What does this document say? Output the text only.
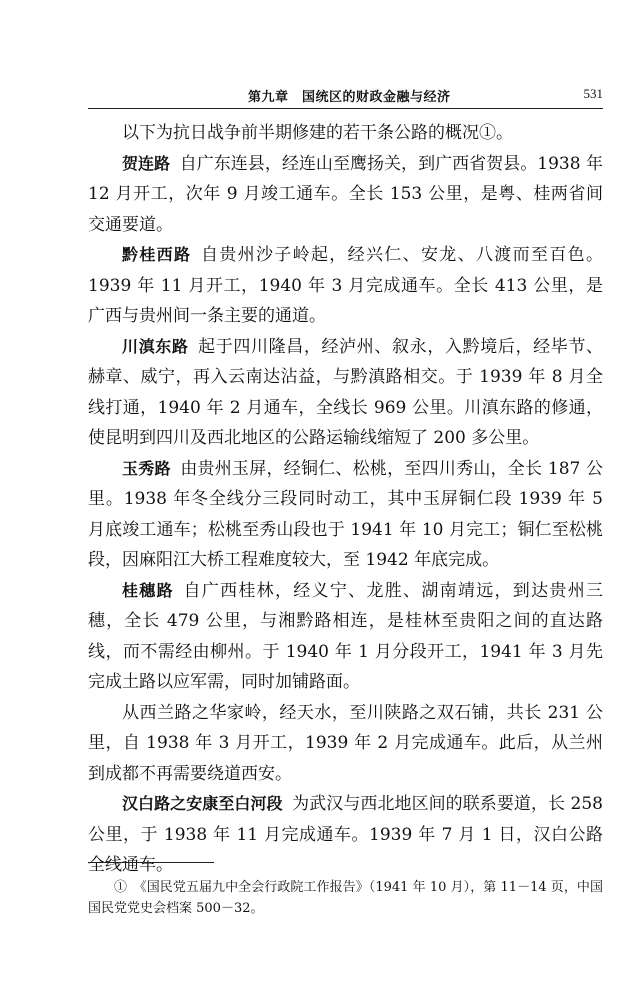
第九章　国统区的财政金融与经济	531

以下为抗日战争前半期修建的若干条公路的概况①。

贺连路 自广东连县，经连山至鹰扬关，到广西省贺县。1938 年 12 月开工，次年 9 月竣工通车。全长 153 公里，是粤、桂两省间交通要道。

黔桂西路 自贵州沙子岭起，经兴仁、安龙、八渡而至百色。1939 年 11 月开工，1940 年 3 月完成通车。全长 413 公里，是广西与贵州间一条主要的通道。

川滇东路 起于四川隆昌，经泸州、叙永，入黔境后，经毕节、赫章、威宁，再入云南达沾益，与黔滇路相交。于 1939 年 8 月全线打通，1940 年 2 月通车，全线长 969 公里。川滇东路的修通，使昆明到四川及西北地区的公路运输线缩短了 200 多公里。

玉秀路 由贵州玉屏，经铜仁、松桃，至四川秀山，全长 187 公里。1938 年冬全线分三段同时动工，其中玉屏铜仁段 1939 年 5 月底竣工通车；松桃至秀山段也于 1941 年 10 月完工；铜仁至松桃段，因麻阳江大桥工程难度较大，至 1942 年底完成。

桂穗路 自广西桂林，经义宁、龙胜、湖南靖远，到达贵州三穗，全长 479 公里，与湘黔路相连，是桂林至贵阳之间的直达路线，而不需经由柳州。于 1940 年 1 月分段开工，1941 年 3 月先完成土路以应军需，同时加铺路面。

从西兰路之华家岭，经天水，至川陕路之双石铺，共长 231 公里，自 1938 年 3 月开工，1939 年 2 月完成通车。此后，从兰州到成都不再需要绕道西安。

汉白路之安康至白河段 为武汉与西北地区间的联系要道，长 258 公里，于 1938 年 11 月完成通车。1939 年 7 月 1 日，汉白公路全线通车。

①　《国民党五届九中全会行政院工作报告》（1941 年 10 月），第 11－14 页，中国国民党党史会档案 500－32。
